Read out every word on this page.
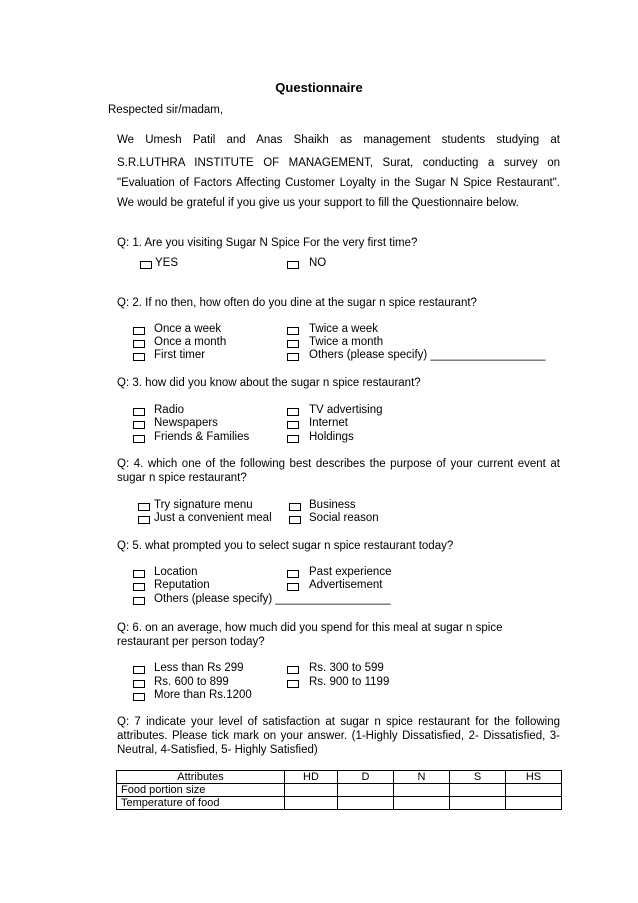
Questionnaire
Respected sir/madam,
We Umesh Patil and Anas Shaikh as management students studying at
S.R.LUTHRA INSTITUTE OF MANAGEMENT, Surat, conducting a survey on
"Evaluation of Factors Affecting Customer Loyalty in the Sugar N Spice Restaurant".
We would be grateful if you give us your support to fill the Questionnaire below.
Q: 1. Are you visiting Sugar N Spice For the very first time?
YES	NO
Q: 2. If no then, how often do you dine at the sugar n spice restaurant?
Once a week	Twice a week
Once a month	Twice a month
First timer	Others (please specify) __________________
Q: 3. how did you know about the sugar n spice restaurant?
Radio	TV advertising
Newspapers	Internet
Friends & Families	Holdings
Q: 4. which one of the following best describes the purpose of your current event at
sugar n spice restaurant?
Try signature menu	Business
Just a convenient meal	Social reason
Q: 5. what prompted you to select sugar n spice restaurant today?
Location	Past experience
Reputation	Advertisement
Others (please specify) __________________
Q: 6. on an average, how much did you spend for this meal at sugar n spice
restaurant per person today?
Less than Rs 299	Rs. 300 to 599
Rs. 600 to 899	Rs. 900 to 1199
More than Rs.1200
Q: 7 indicate your level of satisfaction at sugar n spice restaurant for the following
attributes. Please tick mark on your answer. (1-Highly Dissatisfied, 2- Dissatisfied, 3-
Neutral, 4-Satisfied, 5- Highly Satisfied)
Attributes	HD	D	N	S	HS
Food portion size					
Temperature of food					
